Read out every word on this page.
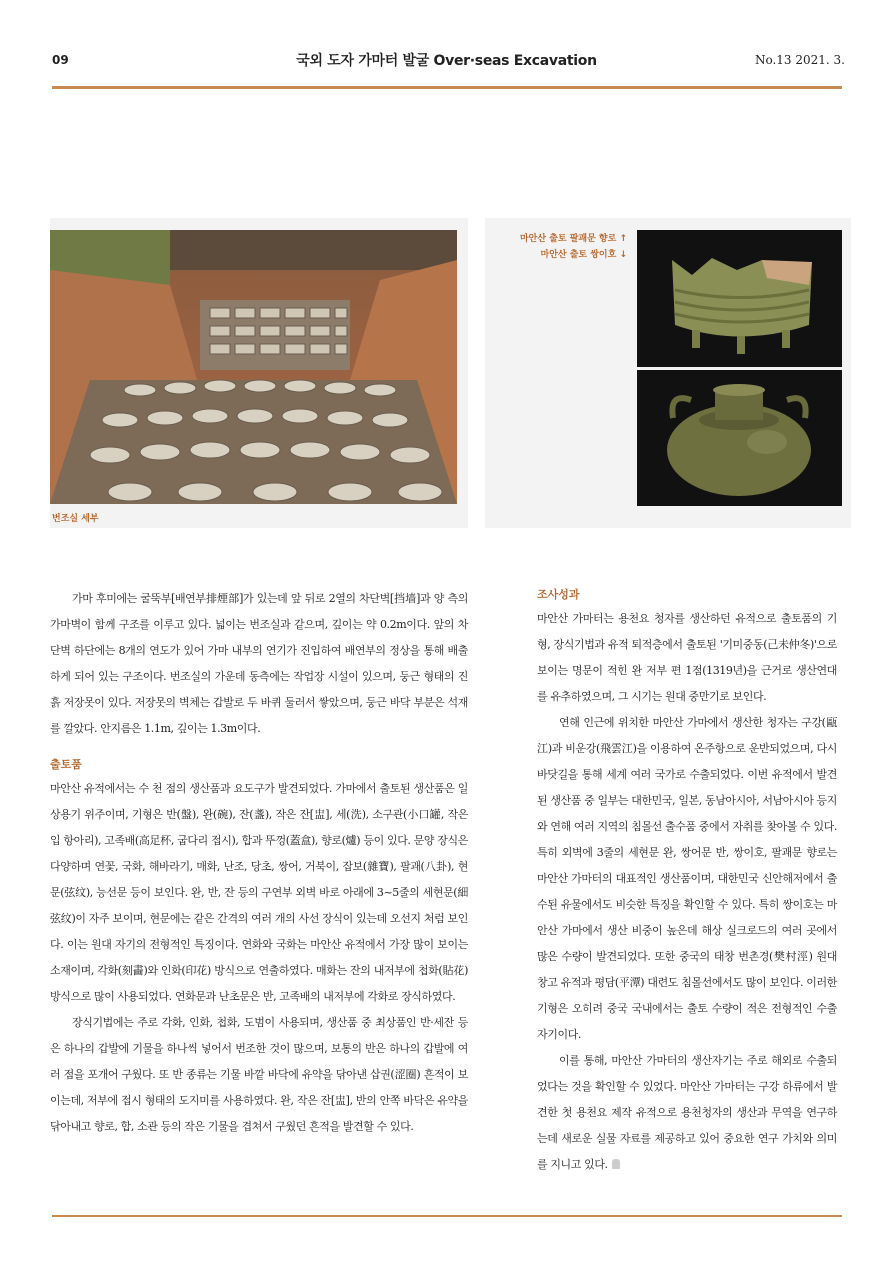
09	국외 도자 가마터 발굴 Over·seas Excavation	No.13 2021. 3.
번조실 세부
마안산 출토 팔괘문 향로 ↑
마안산 출토 쌍이호 ↓

가마 후미에는 굴뚝부[배연부排煙部]가 있는데 앞 뒤로 2열의 차단벽[挡墙]과 양 측의 가마벽이 함께 구조를 이루고 있다. 넓이는 번조실과 같으며, 깊이는 약 0.2m이다. 앞의 차단벽 하단에는 8개의 연도가 있어 가마 내부의 연기가 진입하여 배연부의 정상을 통해 배출하게 되어 있는 구조이다. 번조실의 가운데 동측에는 작업장 시설이 있으며, 둥근 형태의 진흙 저장못이 있다. 저장못의 벽체는 갑발로 두 바퀴 둘러서 쌓았으며, 둥근 바닥 부분은 석재를 깔았다. 안지름은 1.1m, 깊이는 1.3m이다.

출토품

마안산 유적에서는 수 천 점의 생산품과 요도구가 발견되었다. 가마에서 출토된 생산품은 일상용기 위주이며, 기형은 반(盤), 완(碗), 잔(盞), 작은 잔[盅], 세(洗), 소구관(小口罐, 작은 입 항아리), 고족배(高足杯, 굽다리 접시), 합과 뚜껑(蓋盒), 향로(爐) 등이 있다. 문양 장식은 다양하며 연꽃, 국화, 해바라기, 매화, 난조, 당초, 쌍어, 거북이, 잡보(雜寶), 팔괘(八卦), 현문(弦纹), 능선문 등이 보인다. 완, 반, 잔 등의 구연부 외벽 바로 아래에 3~5줄의 세현문(細弦纹)이 자주 보이며, 현문에는 같은 간격의 여러 개의 사선 장식이 있는데 오선지 처럼 보인다. 이는 원대 자기의 전형적인 특징이다. 연화와 국화는 마안산 유적에서 가장 많이 보이는 소재이며, 각화(刻畵)와 인화(印花) 방식으로 연출하였다. 매화는 잔의 내저부에 첩화(貼花) 방식으로 많이 사용되었다. 연화문과 난초문은 반, 고족배의 내저부에 각화로 장식하였다.

장식기법에는 주로 각화, 인화, 첩화, 도범이 사용되며, 생산품 중 최상품인 반·세잔 등은 하나의 갑발에 기물을 하나씩 넣어서 번조한 것이 많으며, 보통의 반은 하나의 갑발에 여러 점을 포개어 구웠다. 또 반 종류는 기물 바깥 바닥에 유약을 닦아낸 삽권(涩圈) 흔적이 보이는데, 저부에 접시 형태의 도지미를 사용하였다. 완, 작은 잔[盅], 반의 안쪽 바닥은 유약을 닦아내고 향로, 합, 소관 등의 작은 기물을 겹쳐서 구웠던 흔적을 발견할 수 있다.

조사성과

마안산 가마터는 용천요 청자를 생산하던 유적으로 출토품의 기형, 장식기법과 유적 퇴적층에서 출토된 '기미중동(己未仲冬)'으로 보이는 명문이 적힌 완 저부 편 1점(1319년)을 근거로 생산연대를 유추하였으며, 그 시기는 원대 중만기로 보인다.

연해 인근에 위치한 마안산 가마에서 생산한 청자는 구강(甌江)과 비운강(飛雲江)을 이용하여 온주항으로 운반되었으며, 다시 바닷길을 통해 세계 여러 국가로 수출되었다. 이번 유적에서 발견된 생산품 중 일부는 대한민국, 일본, 동남아시아, 서남아시아 등지와 연해 여러 지역의 침몰선 출수품 중에서 자취를 찾아볼 수 있다. 특히 외벽에 3줄의 세현문 완, 쌍어문 반, 쌍이호, 팔괘문 향로는 마안산 가마터의 대표적인 생산품이며, 대한민국 신안해저에서 출수된 유물에서도 비슷한 특징을 확인할 수 있다. 특히 쌍이호는 마안산 가마에서 생산 비중이 높은데 해상 실크로드의 여러 곳에서 많은 수량이 발견되었다. 또한 중국의 태창 번촌경(樊村涇) 원대 창고 유적과 평담(平潭) 대련도 침몰선에서도 많이 보인다. 이러한 기형은 오히려 중국 국내에서는 출토 수량이 적은 전형적인 수출 자기이다.

이를 통해, 마안산 가마터의 생산자기는 주로 해외로 수출되었다는 것을 확인할 수 있었다. 마안산 가마터는 구강 하류에서 발견한 첫 용천요 제작 유적으로 용천청자의 생산과 무역을 연구하는데 새로운 실물 자료를 제공하고 있어 중요한 연구 가치와 의미를 지니고 있다.
